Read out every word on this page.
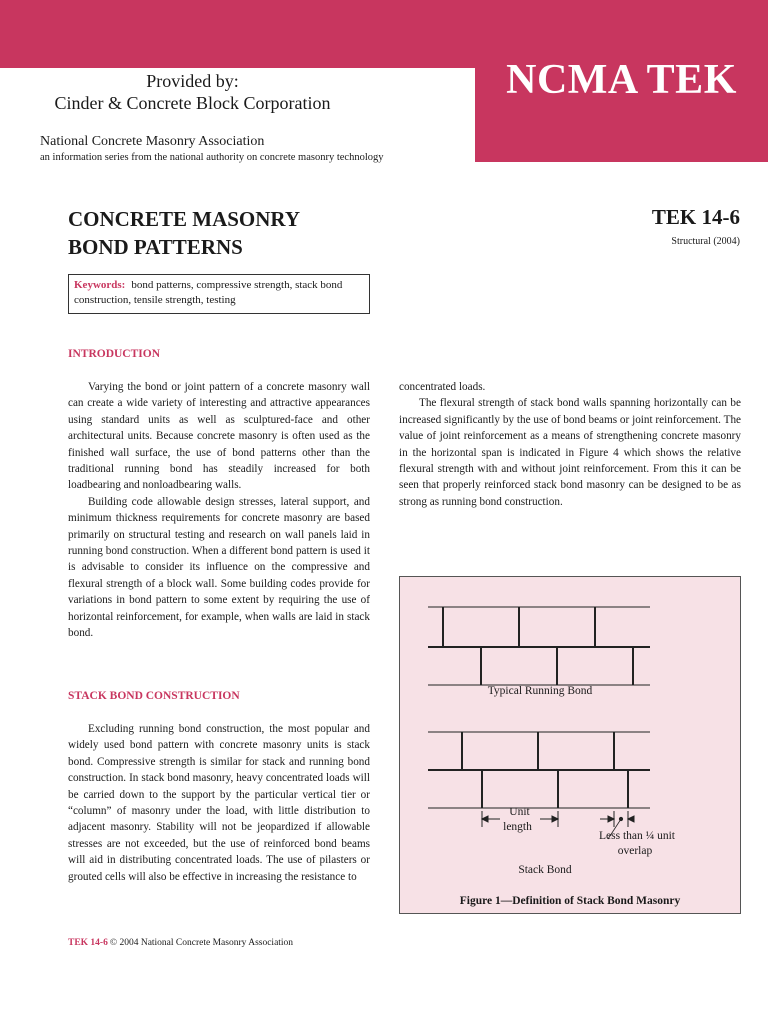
NCMA TEK
Provided by:
Cinder & Concrete Block Corporation
National Concrete Masonry Association
an information series from the national authority on concrete masonry technology
CONCRETE MASONRY
BOND PATTERNS
TEK 14-6
Structural (2004)
Keywords: bond patterns, compressive strength, stack bond construction, tensile strength, testing
INTRODUCTION

Varying the bond or joint pattern of a concrete masonry wall can create a wide variety of interesting and attractive appearances using standard units as well as sculptured-face and other architectural units. Because concrete masonry is often used as the finished wall surface, the use of bond patterns other than the traditional running bond has steadily increased for both loadbearing and nonloadbearing walls.

Building code allowable design stresses, lateral support, and minimum thickness requirements for concrete masonry are based primarily on structural testing and research on wall panels laid in running bond construction. When a different bond pattern is used it is advisable to consider its influence on the compressive and flexural strength of a block wall. Some building codes provide for variations in bond pattern to some extent by requiring the use of horizontal reinforcement, for example, when walls are laid in stack bond.

STACK BOND CONSTRUCTION

Excluding running bond construction, the most popular and widely used bond pattern with concrete masonry units is stack bond. Compressive strength is similar for stack and running bond construction. In stack bond masonry, heavy concentrated loads will be carried down to the support by the particular vertical tier or “column” of masonry under the load, with little distribution to adjacent masonry. Stability will not be jeopardized if allowable stresses are not exceeded, but the use of reinforced bond beams will aid in distributing concentrated loads. The use of pilasters or grouted cells will also be effective in increasing the resistance to

concentrated loads.

The flexural strength of stack bond walls spanning horizontally can be increased significantly by the use of bond beams or joint reinforcement. The value of joint reinforcement as a means of strengthening concrete masonry in the horizontal span is indicated in Figure 4 which shows the relative flexural strength with and without joint reinforcement. From this it can be seen that properly reinforced stack bond masonry can be designed to be as strong as running bond construction.

Typical Running Bond
Unit
length
Less than ¼ unit
overlap
Stack Bond
Figure 1—Definition of Stack Bond Masonry
TEK 14-6 © 2004 National Concrete Masonry Association
